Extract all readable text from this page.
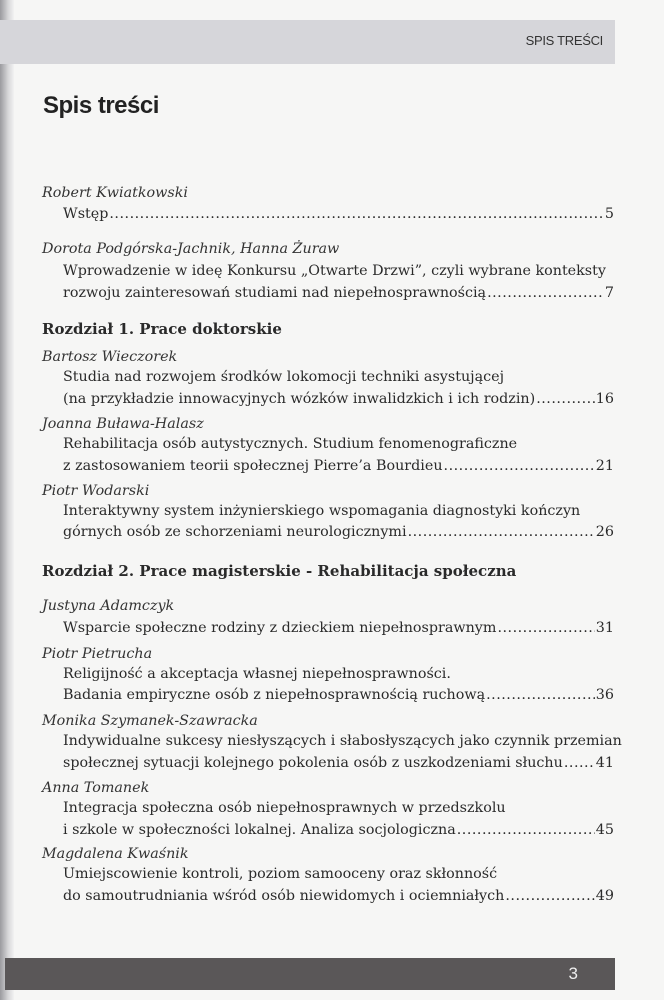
SPIS TREŚCI
Spis treści
Robert Kwiatkowski
Wstęp .....	5
Dorota Podgórska-Jachnik, Hanna Żuraw
Wprowadzenie w ideę Konkursu „Otwarte Drzwi”, czyli wybrane konteksty
rozwoju zainteresowań studiami nad niepełnosprawnością .....	7
Rozdział 1. Prace doktorskie
Bartosz Wieczorek
Studia nad rozwojem środków lokomocji techniki asystującej
(na przykładzie innowacyjnych wózków inwalidzkich i ich rodzin) .....	16
Joanna Buława-Halasz
Rehabilitacja osób autystycznych. Studium fenomenograficzne
z zastosowaniem teorii społecznej Pierre’a Bourdieu .....	21
Piotr Wodarski
Interaktywny system inżynierskiego wspomagania diagnostyki kończyn
górnych osób ze schorzeniami neurologicznymi .....	26
Rozdział 2. Prace magisterskie - Rehabilitacja społeczna
Justyna Adamczyk
Wsparcie społeczne rodziny z dzieckiem niepełnosprawnym .....	31
Piotr Pietrucha
Religijność a akceptacja własnej niepełnosprawności.
Badania empiryczne osób z niepełnosprawnością ruchową .....	36
Monika Szymanek-Szawracka
Indywidualne sukcesy niesłyszących i słabosłyszących jako czynnik przemian
społecznej sytuacji kolejnego pokolenia osób z uszkodzeniami słuchu ..... 41
Anna Tomanek
Integracja społeczna osób niepełnosprawnych w przedszkolu
i szkole w społeczności lokalnej. Analiza socjologiczna .....	45
Magdalena Kwaśnik
Umiejscowienie kontroli, poziom samooceny oraz skłonność
do samoutrudniania wśród osób niewidomych i ociemniałych .....	49
3
